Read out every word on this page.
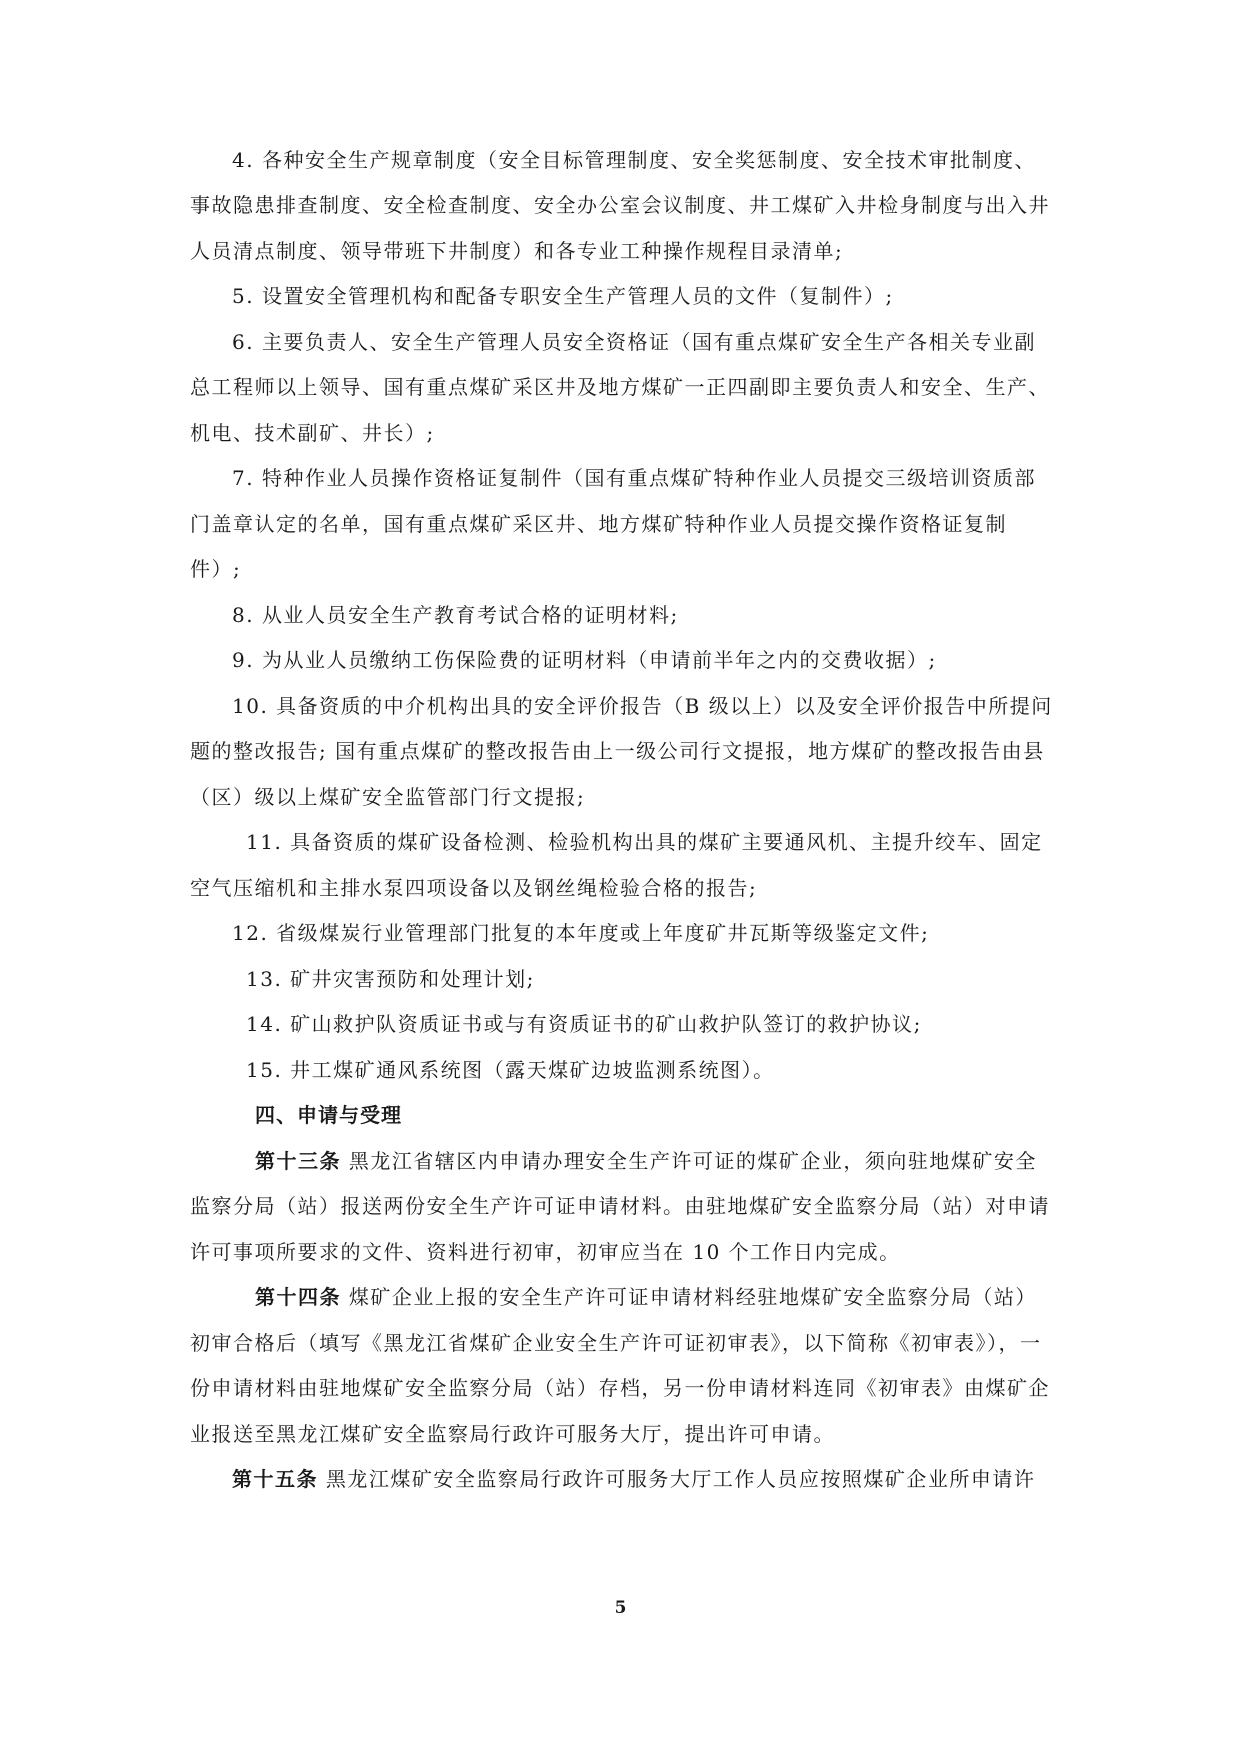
4. 各种安全生产规章制度（安全目标管理制度、安全奖惩制度、安全技术审批制度、
事故隐患排查制度、安全检查制度、安全办公室会议制度、井工煤矿入井检身制度与出入井
人员清点制度、领导带班下井制度）和各专业工种操作规程目录清单;
5. 设置安全管理机构和配备专职安全生产管理人员的文件（复制件）;
6. 主要负责人、安全生产管理人员安全资格证（国有重点煤矿安全生产各相关专业副
总工程师以上领导、国有重点煤矿采区井及地方煤矿一正四副即主要负责人和安全、生产、
机电、技术副矿、井长）;
7. 特种作业人员操作资格证复制件（国有重点煤矿特种作业人员提交三级培训资质部
门盖章认定的名单，国有重点煤矿采区井、地方煤矿特种作业人员提交操作资格证复制
件）;
8. 从业人员安全生产教育考试合格的证明材料;
9. 为从业人员缴纳工伤保险费的证明材料（申请前半年之内的交费收据）;
10. 具备资质的中介机构出具的安全评价报告（B 级以上）以及安全评价报告中所提问
题的整改报告; 国有重点煤矿的整改报告由上一级公司行文提报，地方煤矿的整改报告由县
（区）级以上煤矿安全监管部门行文提报;
11. 具备资质的煤矿设备检测、检验机构出具的煤矿主要通风机、主提升绞车、固定
空气压缩机和主排水泵四项设备以及钢丝绳检验合格的报告;
12. 省级煤炭行业管理部门批复的本年度或上年度矿井瓦斯等级鉴定文件;
13. 矿井灾害预防和处理计划;
14. 矿山救护队资质证书或与有资质证书的矿山救护队签订的救护协议;
15. 井工煤矿通风系统图（露天煤矿边坡监测系统图）。
四、申请与受理
第十三条 黑龙江省辖区内申请办理安全生产许可证的煤矿企业，须向驻地煤矿安全
监察分局（站）报送两份安全生产许可证申请材料。由驻地煤矿安全监察分局（站）对申请
许可事项所要求的文件、资料进行初审，初审应当在 10 个工作日内完成。
第十四条 煤矿企业上报的安全生产许可证申请材料经驻地煤矿安全监察分局（站）
初审合格后（填写《黑龙江省煤矿企业安全生产许可证初审表》，以下简称《初审表》），一
份申请材料由驻地煤矿安全监察分局（站）存档，另一份申请材料连同《初审表》由煤矿企
业报送至黑龙江煤矿安全监察局行政许可服务大厅，提出许可申请。
第十五条 黑龙江煤矿安全监察局行政许可服务大厅工作人员应按照煤矿企业所申请许
5
